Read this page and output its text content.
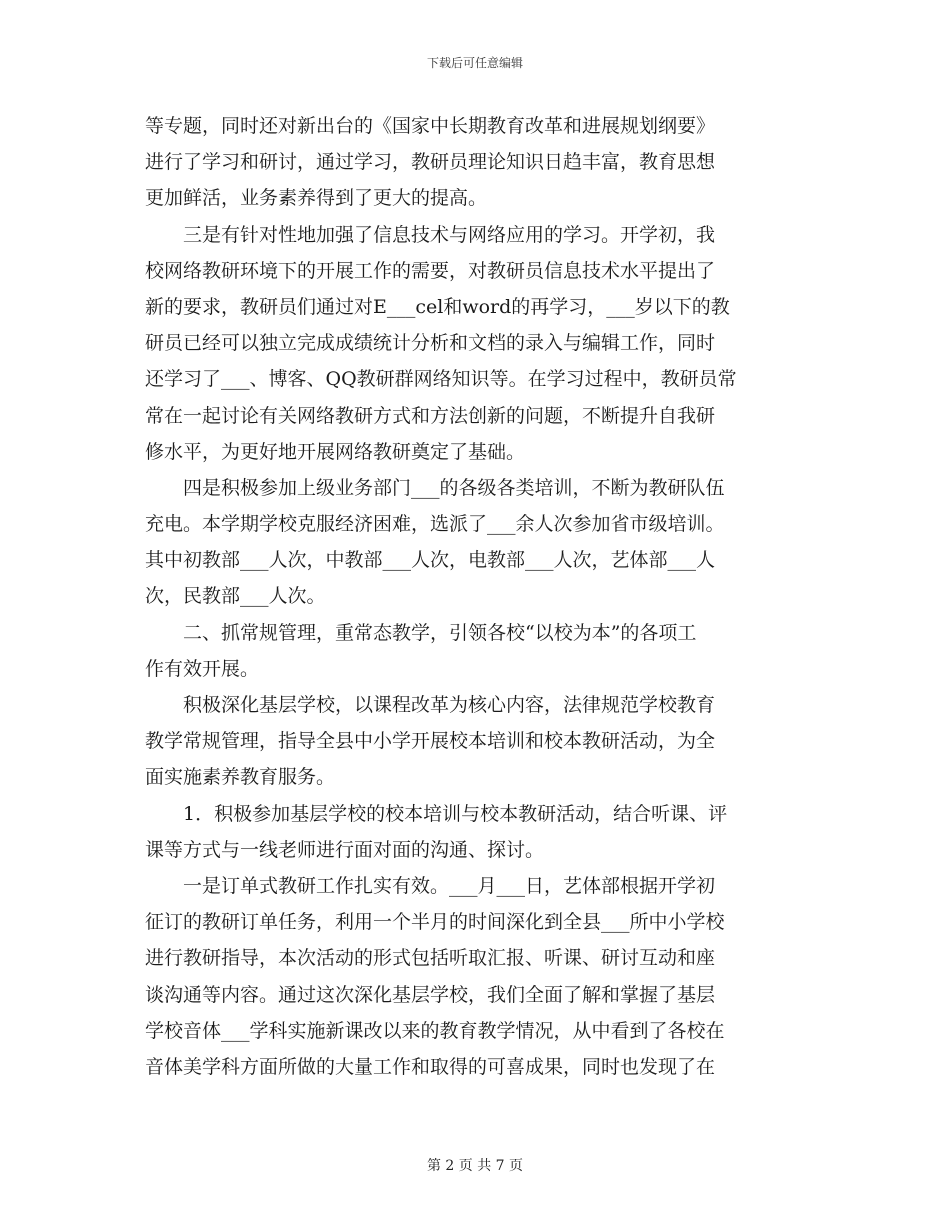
下载后可任意编辑
等专题，同时还对新出台的《国家中长期教育改革和进展规划纲要》
进行了学习和研讨，通过学习，教研员理论知识日趋丰富，教育思想
更加鲜活，业务素养得到了更大的提高。
三是有针对性地加强了信息技术与网络应用的学习。开学初，我
校网络教研环境下的开展工作的需要，对教研员信息技术水平提出了
新的要求，教研员们通过对E___cel和word的再学习，___岁以下的教
研员已经可以独立完成成绩统计分析和文档的录入与编辑工作，同时
还学习了___、博客、QQ教研群网络知识等。在学习过程中，教研员常
常在一起讨论有关网络教研方式和方法创新的问题，不断提升自我研
修水平，为更好地开展网络教研奠定了基础。
四是积极参加上级业务部门___的各级各类培训，不断为教研队伍
充电。本学期学校克服经济困难，选派了___余人次参加省市级培训。
其中初教部___人次，中教部___人次，电教部___人次，艺体部___人
次，民教部___人次。
二、抓常规管理，重常态教学，引领各校“以校为本”的各项工
作有效开展。
积极深化基层学校，以课程改革为核心内容，法律规范学校教育
教学常规管理，指导全县中小学开展校本培训和校本教研活动，为全
面实施素养教育服务。
1．积极参加基层学校的校本培训与校本教研活动，结合听课、评
课等方式与一线老师进行面对面的沟通、探讨。
一是订单式教研工作扎实有效。___月___日，艺体部根据开学初
征订的教研订单任务，利用一个半月的时间深化到全县___所中小学校
进行教研指导，本次活动的形式包括听取汇报、听课、研讨互动和座
谈沟通等内容。通过这次深化基层学校，我们全面了解和掌握了基层
学校音体___学科实施新课改以来的教育教学情况，从中看到了各校在
音体美学科方面所做的大量工作和取得的可喜成果，同时也发现了在
第 2 页 共 7 页
